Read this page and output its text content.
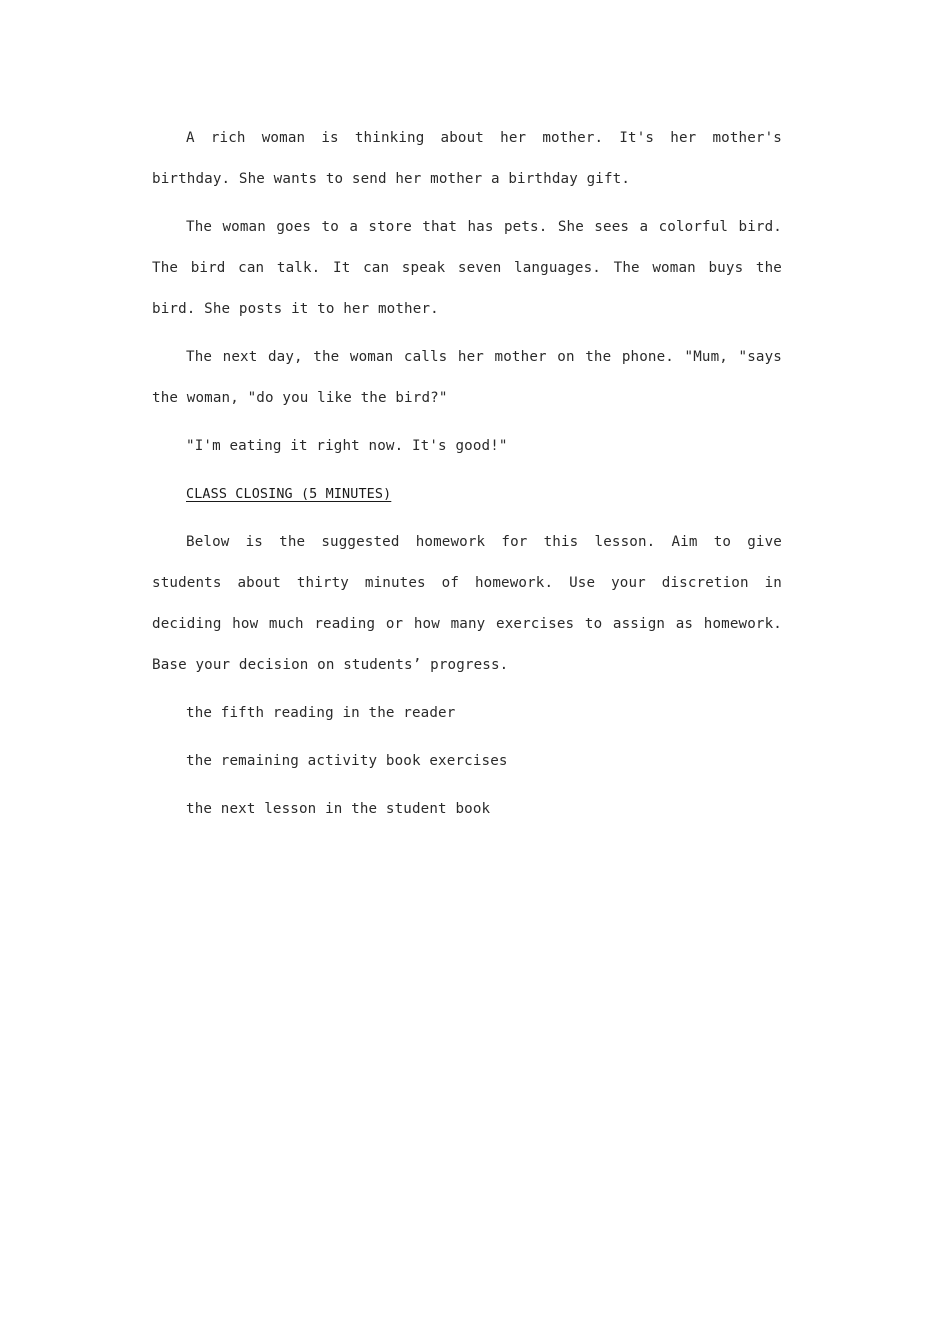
A rich woman is thinking about her mother. It's her mother's birthday. She wants to send her mother a birthday gift.

The woman goes to a store that has pets. She sees a colorful bird. The bird can talk. It can speak seven languages. The woman buys the bird. She posts it to her mother.

The next day, the woman calls her mother on the phone. "Mum, "says the woman, "do you like the bird?"

"I'm eating it right now. It's good!"

CLASS CLOSING (5 MINUTES)

Below is the suggested homework for this lesson. Aim to give students about thirty minutes of homework. Use your discretion in deciding how much reading or how many exercises to assign as homework. Base your decision on students’ progress.

the fifth reading in the reader
the remaining activity book exercises
the next lesson in the student book
